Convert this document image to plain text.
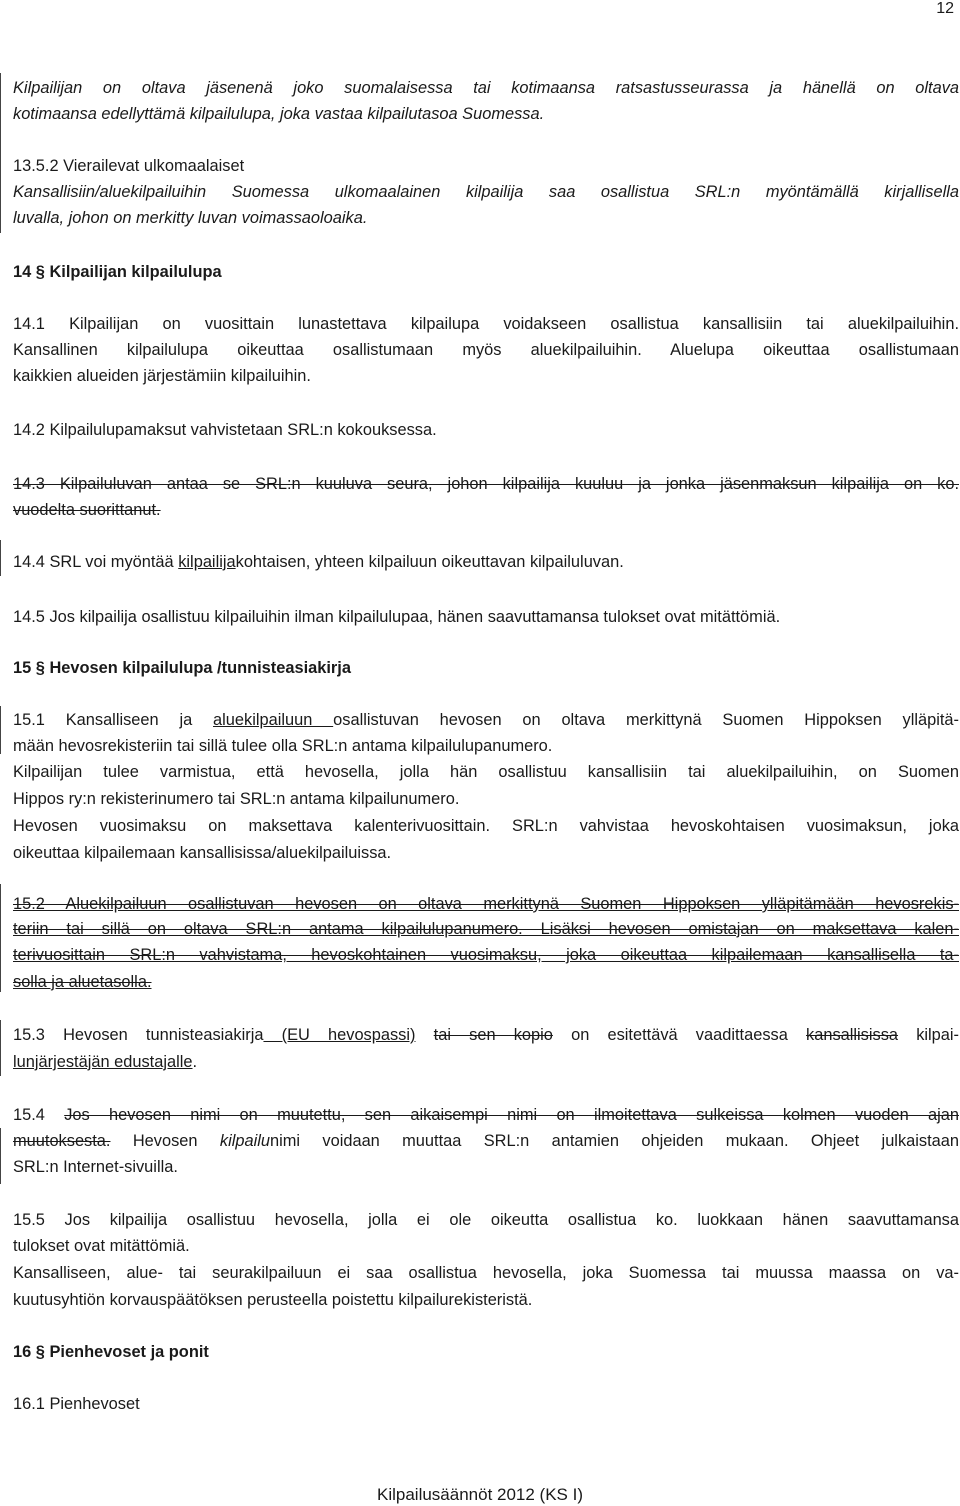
12
Kilpailijan on oltava jäsenenä joko suomalaisessa tai kotimaansa ratsastusseurassa ja hänellä on oltava
kotimaansa edellyttämä kilpailulupa, joka vastaa kilpailutasoa Suomessa.
13.5.2 Vierailevat ulkomaalaiset
Kansallisiin/aluekilpailuihin Suomessa ulkomaalainen kilpailija saa osallistua SRL:n myöntämällä kirjallisella
luvalla, johon on merkitty luvan voimassaoloaika.
14 § Kilpailijan kilpailulupa
14.1 Kilpailijan on vuosittain lunastettava kilpailupa voidakseen osallistua kansallisiin tai aluekilpailuihin.
Kansallinen kilpailulupa oikeuttaa osallistumaan myös aluekilpailuihin. Aluelupa oikeuttaa osallistumaan
kaikkien alueiden järjestämiin kilpailuihin.
14.2 Kilpailulupamaksut vahvistetaan SRL:n kokouksessa.
14.3 Kilpailuluvan antaa se SRL:n kuuluva seura, johon kilpailija kuuluu ja jonka jäsenmaksun kilpailija on ko.
vuodelta suorittanut.
14.4 SRL voi myöntää kilpailijakohtaisen, yhteen kilpailuun oikeuttavan kilpailuluvan.
14.5 Jos kilpailija osallistuu kilpailuihin ilman kilpailulupaa, hänen saavuttamansa tulokset ovat mitättömiä.
15 § Hevosen kilpailulupa /tunnisteasiakirja
15.1 Kansalliseen ja aluekilpailuun osallistuvan hevosen on oltava merkittynä Suomen Hippoksen ylläpitä-
mään hevosrekisteriin tai sillä tulee olla SRL:n antama kilpailulupanumero.
Kilpailijan tulee varmistua, että hevosella, jolla hän osallistuu kansallisiin tai aluekilpailuihin, on Suomen
Hippos ry:n rekisterinumero tai SRL:n antama kilpailunumero.
Hevosen vuosimaksu on maksettava kalenterivuosittain. SRL:n vahvistaa hevoskohtaisen vuosimaksun, joka
oikeuttaa kilpailemaan kansallisissa/aluekilpailuissa.
15.2 Aluekilpailuun osallistuvan hevosen on oltava merkittynä Suomen Hippoksen ylläpitämään hevosrekis-
teriin tai sillä on oltava SRL:n antama kilpailulupanumero. Lisäksi hevosen omistajan on maksettava kalen-
terivuosittain SRL:n vahvistama, hevoskohtainen vuosimaksu, joka oikeuttaa kilpailemaan kansallisella ta-
solla ja aluetasolla.
15.3 Hevosen tunnisteasiakirja (EU hevospassi) tai sen kopio on esitettävä vaadittaessa kansallisissa kilpai-
lunjärjestäjän edustajalle.
15.4 Jos hevosen nimi on muutettu, sen aikaisempi nimi on ilmoitettava sulkeissa kolmen vuoden ajan
muutoksesta. Hevosen kilpailunimi voidaan muuttaa SRL:n antamien ohjeiden mukaan. Ohjeet julkaistaan
SRL:n Internet-sivuilla.
15.5 Jos kilpailija osallistuu hevosella, jolla ei ole oikeutta osallistua ko. luokkaan hänen saavuttamansa
tulokset ovat mitättömiä.
Kansalliseen, alue- tai seurakilpailuun ei saa osallistua hevosella, joka Suomessa tai muussa maassa on va-
kuutusyhtiön korvauspäätöksen perusteella poistettu kilpailurekisteristä.
16 § Pienhevoset ja ponit
16.1 Pienhevoset
Kilpailusäännöt 2012 (KS I)
